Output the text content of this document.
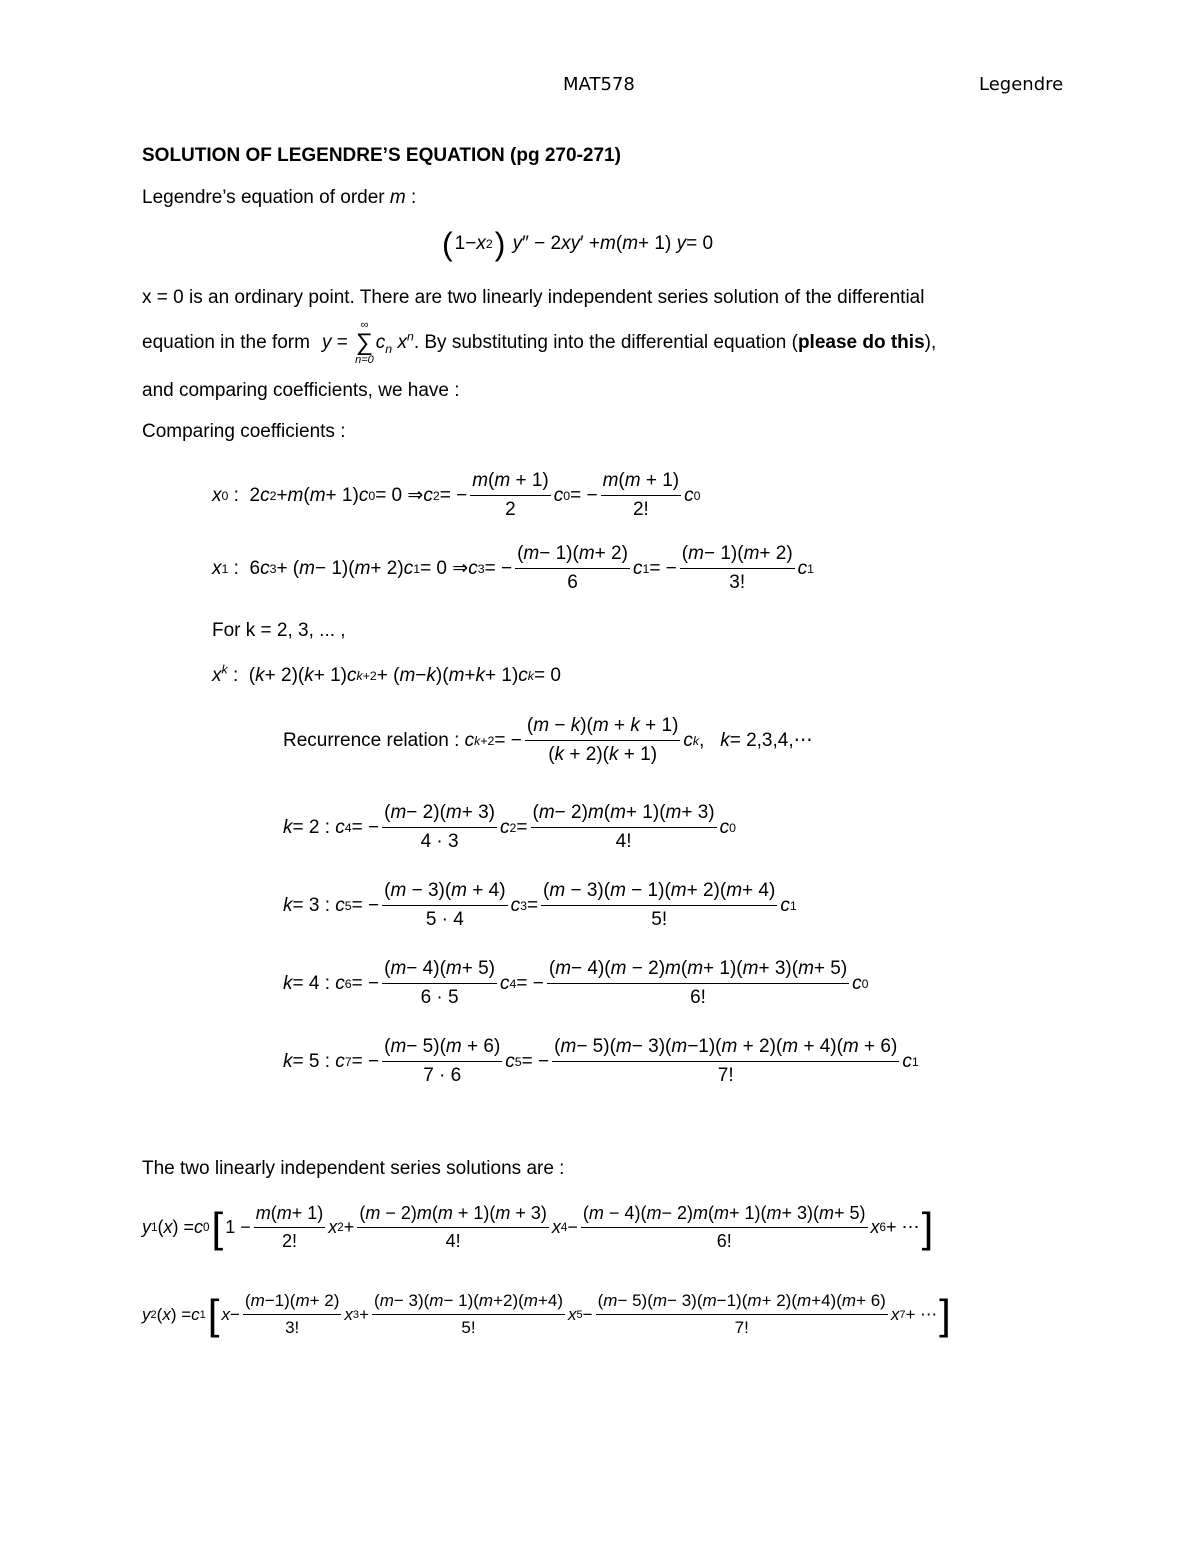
MAT578	Legendre
SOLUTION OF LEGENDRE’S EQUATION (pg 270-271)
Legendre’s equation of order m :
( 1− x 2 )
y ″ − 2 xy ′ + m ( m + 1) y = 0
x = 0 is an ordinary point. There are two linearly independent series solution of the differential
equation in the form y =
∞
∑
n=0
$c_n$ $x^n$ . By substituting into the differential equation ( please do this ),
and comparing coefficients, we have :
Comparing coefficients :
x 0 :  2 c 2 + m ( m + 1) c 0 = 0 ⇒ c 2 = − $\frac{m(m + 1)}{2}$ c 0 = − $\frac{m(m + 1)}{2!}$ c 0
x 1 :  6 c 3 + ( m − 1)( m + 2) c 1 = 0 ⇒ c 3 = − $\frac{(m- 1)(m+ 2)}{6}$ c 1 = − $\frac{(m- 1)(m+ 2)}{3!}$ c 1
For k = 2, 3, ... ,
$x^k$ :  ( k + 2)( k + 1) c k+2 + ( m − k )( m + k + 1) c k = 0
Recurrence relation :
c k+2 = − $\frac{(m - k)(m + k + 1)}{(k + 2)(k + 1)}$ c k , k = 2,3,4,⋯
k = 2 : c 4 = − $\frac{(m- 2)(m+ 3)}{4 \cdot 3}$ c $2 = \frac{(m- 2)m(m+ 1)(m+ 3)}{4!}$ c 0
k = 3 : c 5 = − $\frac{(m - 3)(m + 4)}{5 \cdot 4}$ c $3 = \frac{(m - 3)(m - 1)(m+ 2)(m+ 4)}{5!}$ c 1
k = 4 : c 6 = − $\frac{(m- 4)(m+ 5)}{6 \cdot 5}$ c 4 = − $\frac{(m- 4)(m - 2)m(m+ 1)(m+ 3)(m+ 5)}{6!}$ c 0
k = 5 : c 7 = − $\frac{(m- 5)(m + 6)}{7 \cdot 6}$ c 5 = − $\frac{(m- 5)(m- 3)(m-1)(m + 2)(m + 4)(m + 6)}{7!}$ c 1
The two linearly independent series solutions are :
y 1 ( x ) = c 0 [ $1 - \frac{m(m+ 1)}{2!}$ x $2 + \frac{(m - 2)m(m + 1)(m + 3)}{4!}$ x $4 - \frac{(m - 4)(m- 2)m(m+ 1)(m+ 3)(m+ 5)}{6!}$ x 6 + ⋯ ]
y 2 ( x ) = c 1 [ $x - \frac{(m-1)(m+ 2)}{3!}$ x $3 + \frac{(m- 3)(m- 1)(m+2)(m+4)}{5!}$ x $5 - \frac{(m- 5)(m- 3)(m-1)(m+ 2)(m+4)(m+ 6)}{7!}$ x 7 + ⋯ ]
